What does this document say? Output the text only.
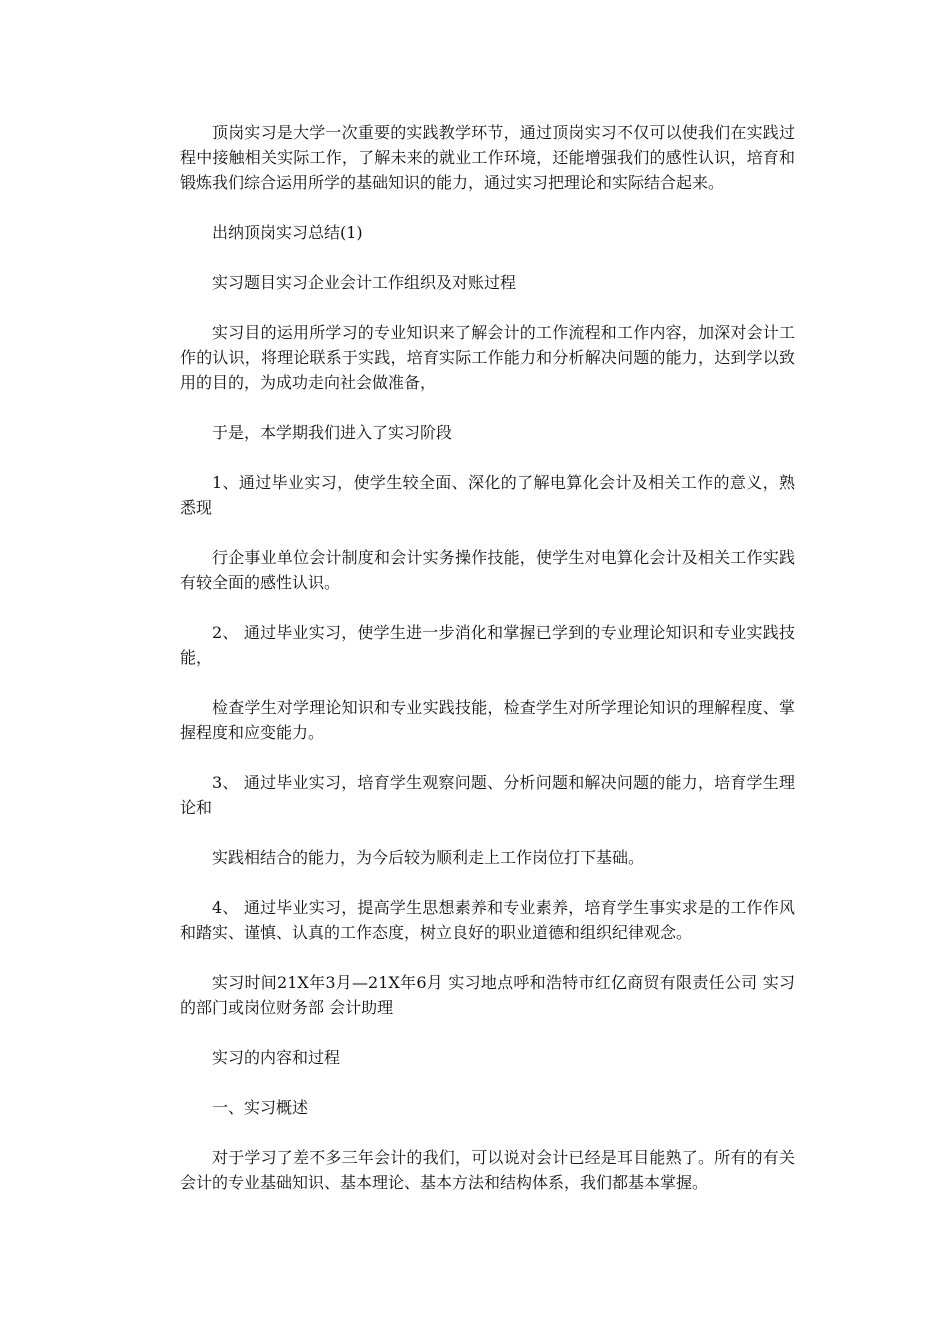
顶岗实习是大学一次重要的实践教学环节，通过顶岗实习不仅可以使我们在实践过程中接触相关实际工作，了解未来的就业工作环境，还能增强我们的感性认识，培育和锻炼我们综合运用所学的基础知识的能力，通过实习把理论和实际结合起来。

出纳顶岗实习总结(1)

实习题目实习企业会计工作组织及对账过程

实习目的运用所学习的专业知识来了解会计的工作流程和工作内容，加深对会计工作的认识，将理论联系于实践，培育实际工作能力和分析解决问题的能力，达到学以致用的目的，为成功走向社会做准备，

于是，本学期我们进入了实习阶段

1、通过毕业实习，使学生较全面、深化的了解电算化会计及相关工作的意义，熟悉现

行企事业单位会计制度和会计实务操作技能，使学生对电算化会计及相关工作实践有较全面的感性认识。

2、 通过毕业实习，使学生进一步消化和掌握已学到的专业理论知识和专业实践技能，

检查学生对学理论知识和专业实践技能，检查学生对所学理论知识的理解程度、掌握程度和应变能力。

3、 通过毕业实习，培育学生观察问题、分析问题和解决问题的能力，培育学生理论和

实践相结合的能力，为今后较为顺利走上工作岗位打下基础。

4、 通过毕业实习，提高学生思想素养和专业素养，培育学生事实求是的工作作风和踏实、谨慎、认真的工作态度，树立良好的职业道德和组织纪律观念。

实习时间21X年3月—21X年6月 实习地点呼和浩特市红亿商贸有限责任公司 实习的部门或岗位财务部 会计助理

实习的内容和过程

一、实习概述

对于学习了差不多三年会计的我们，可以说对会计已经是耳目能熟了。所有的有关会计的专业基础知识、基本理论、基本方法和结构体系，我们都基本掌握。
